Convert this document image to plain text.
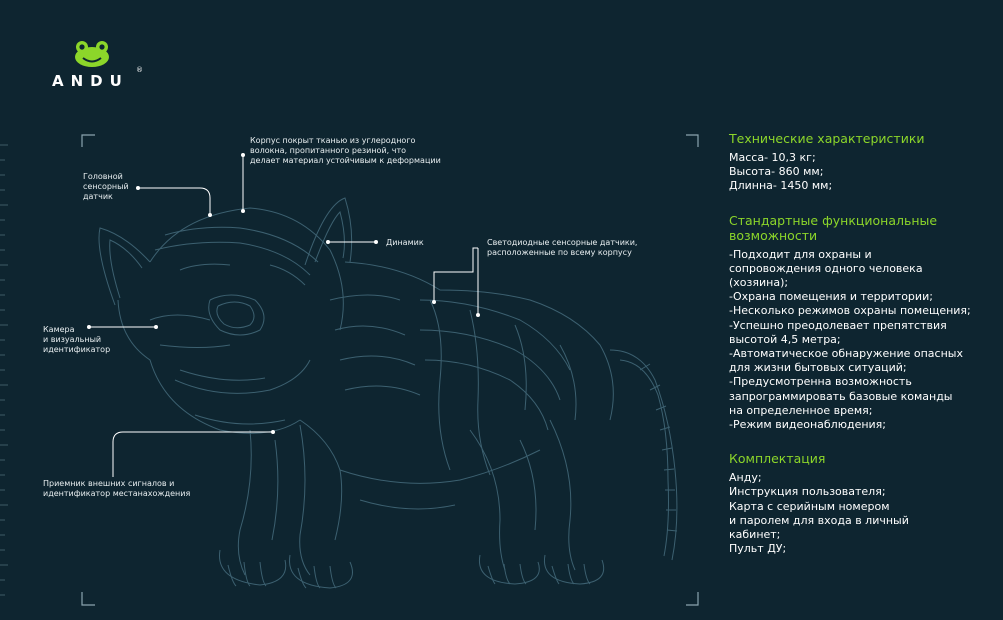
ANDU
®
Головной
сенсорный
датчик
Корпус покрыт тканью из углеродного
волокна, пропитанного резиной, что
делает материал устойчивым к деформации
Динамик	Светодиодные сенсорные датчики,
расположенные по всему корпусу
Камера
и визуальный
идентификатор
Приемник внешних сигналов и
идентификатор местанахождения
Технические характеристики

Масса- 10,3 кг;
Высота- 860 мм;
Длинна- 1450 мм;

Стандартные функциональные
возможности

-Подходит для охраны и
сопровождения одного человека
(хозяина);
-Охрана помещения и территории;
-Несколько режимов охраны помещения;
-Успешно преодолевает препятствия
высотой 4,5 метра;
-Автоматическое обнаружение опасных
для жизни бытовых ситуаций;
-Предусмотренна возможность
запрограммировать базовые команды
на определенное время;
-Режим видеонаблюдения;

Комплектация

Анду;
Инструкция пользователя;
Карта с серийным номером
и паролем для входа в личный
кабинет;
Пульт ДУ;
